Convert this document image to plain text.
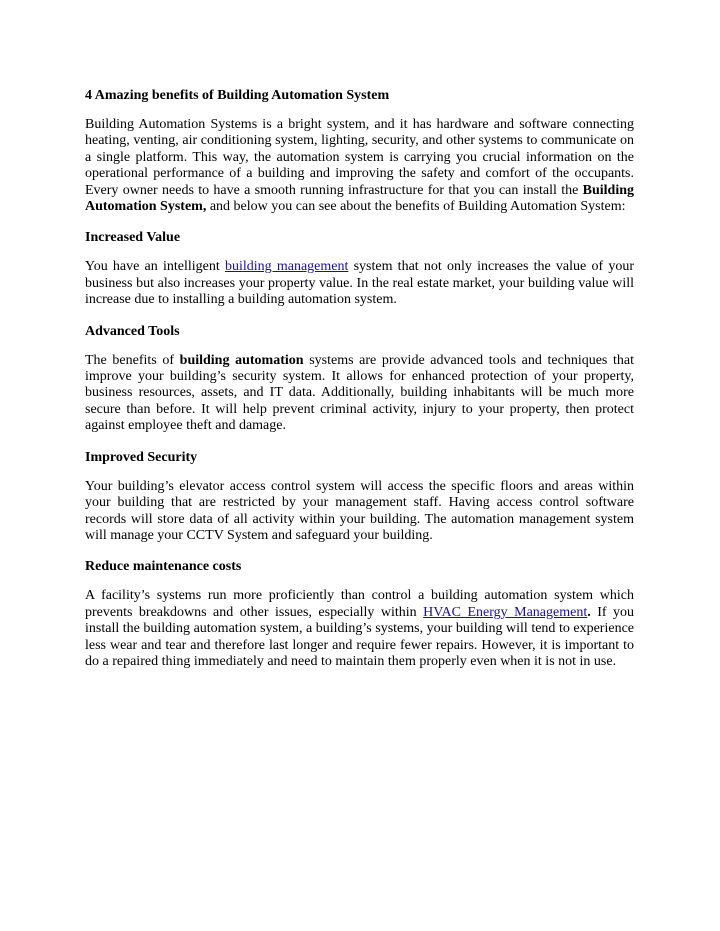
4 Amazing benefits of Building Automation System

Building Automation Systems is a bright system, and it has hardware and software connecting heating, venting, air conditioning system, lighting, security, and other systems to communicate on a single platform. This way, the automation system is carrying you crucial information on the operational performance of a building and improving the safety and comfort of the occupants. Every owner needs to have a smooth running infrastructure for that you can install the Building Automation System, and below you can see about the benefits of Building Automation System:

Increased Value

You have an intelligent building management system that not only increases the value of your business but also increases your property value. In the real estate market, your building value will increase due to installing a building automation system.

Advanced Tools

The benefits of building automation systems are provide advanced tools and techniques that improve your building’s security system. It allows for enhanced protection of your property, business resources, assets, and IT data. Additionally, building inhabitants will be much more secure than before. It will help prevent criminal activity, injury to your property, then protect against employee theft and damage.

Improved Security

Your building’s elevator access control system will access the specific floors and areas within your building that are restricted by your management staff. Having access control software records will store data of all activity within your building. The automation management system will manage your CCTV System and safeguard your building.

Reduce maintenance costs

A facility’s systems run more proficiently than control a building automation system which prevents breakdowns and other issues, especially within HVAC Energy Management. If you install the building automation system, a building’s systems, your building will tend to experience less wear and tear and therefore last longer and require fewer repairs. However, it is important to do a repaired thing immediately and need to maintain them properly even when it is not in use.
